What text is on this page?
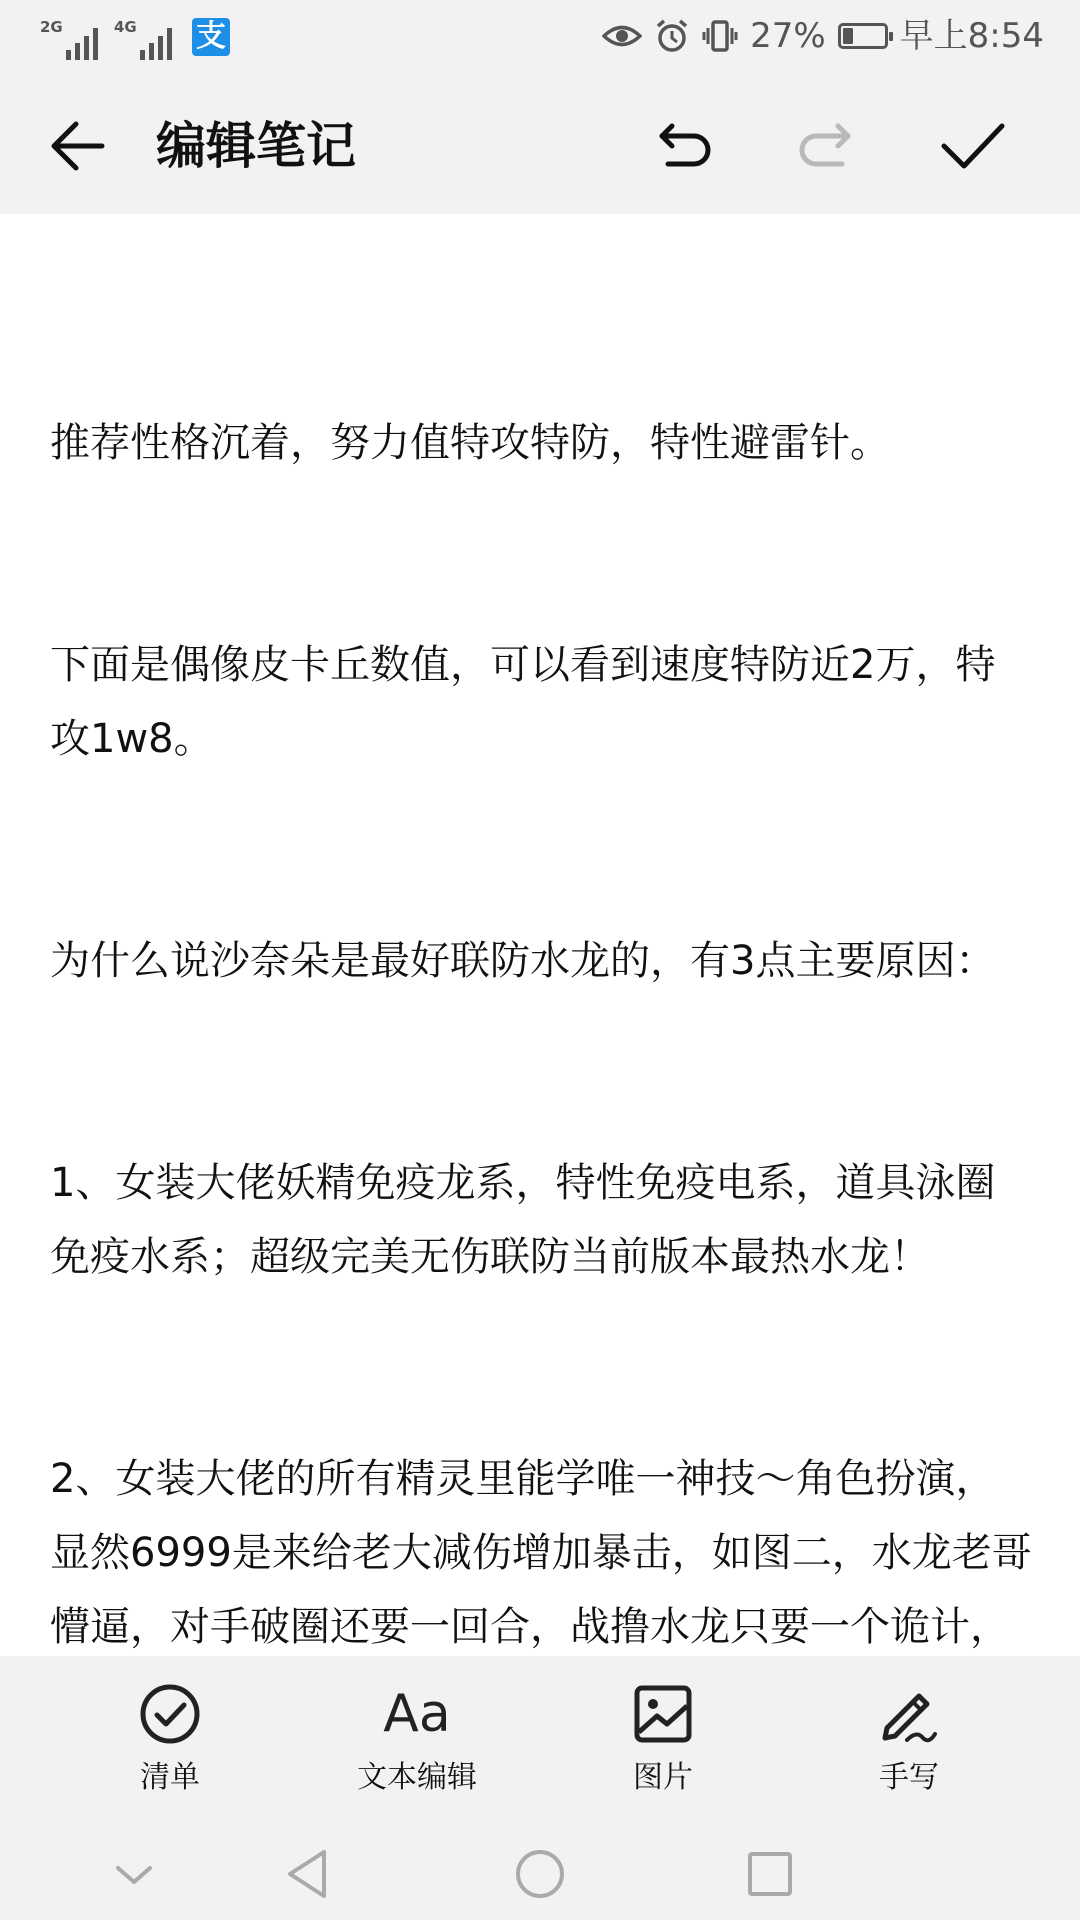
2G	4G 支	27% 早上8:54
编辑笔记

推荐性格沉着，努力值特攻特防，特性避雷针。

下面是偶像皮卡丘数值，可以看到速度特防近2万，特攻1w8。

为什么说沙奈朵是最好联防水龙的，有3点主要原因：

1、女装大佬妖精免疫龙系，特性免疫电系，道具泳圈免疫水系；超级完美无伤联防当前版本最热水龙！

2、女装大佬的所有精灵里能学唯一神技～角色扮演，显然6999是来给老大减伤增加暴击，如图二，水龙老哥懵逼，对手破圈还要一回合，战撸水龙只要一个诡计，

清单
Aa
文本编辑	图片	手写
